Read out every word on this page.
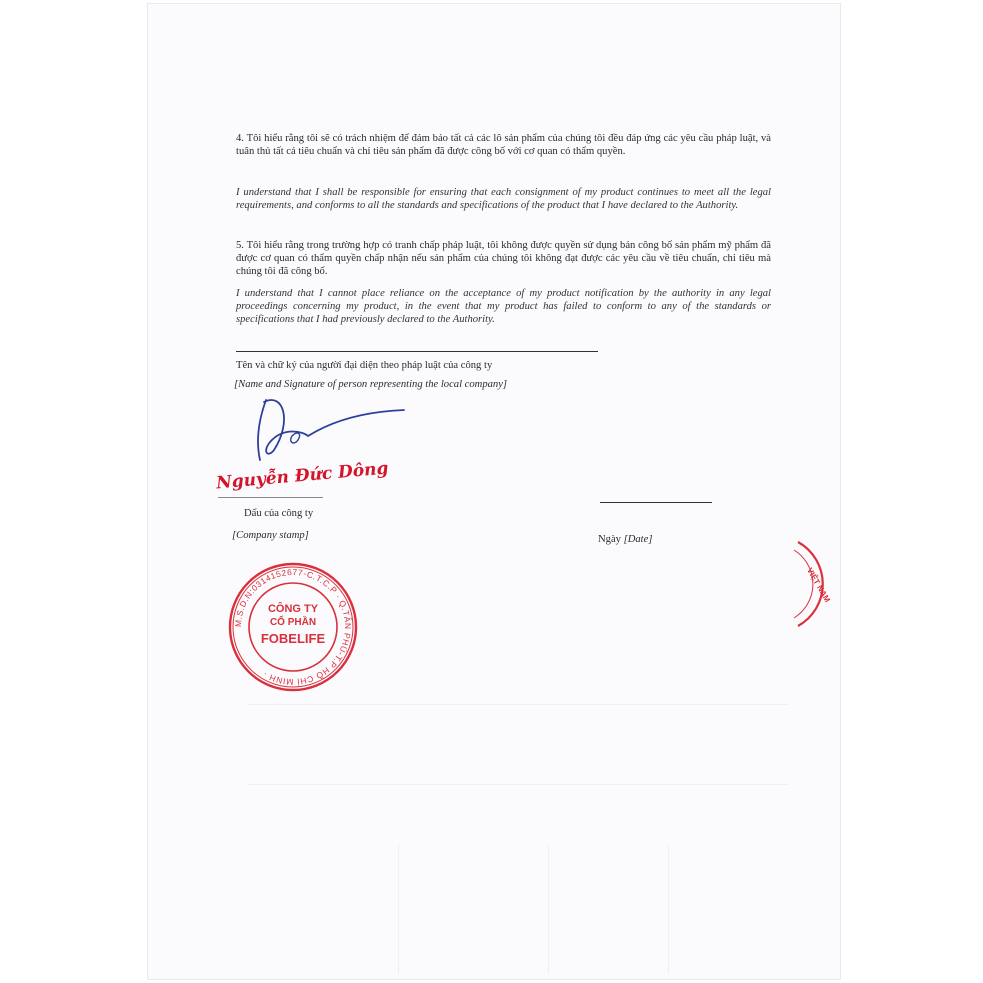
4. Tôi hiểu rằng tôi sẽ có trách nhiệm để đảm bảo tất cả các lô sản phẩm của chúng tôi đều đáp ứng các yêu cầu pháp luật, và tuân thủ tất cả tiêu chuẩn và chỉ tiêu sản phẩm đã được công bố với cơ quan có thẩm quyền.
I understand that I shall be responsible for ensuring that each consignment of my product continues to meet all the legal requirements, and conforms to all the standards and specifications of the product that I have declared to the Authority.
5. Tôi hiểu rằng trong trường hợp có tranh chấp pháp luật, tôi không được quyền sử dụng bản công bố sản phẩm mỹ phẩm đã được cơ quan có thẩm quyền chấp nhận nếu sản phẩm của chúng tôi không đạt được các yêu cầu về tiêu chuẩn, chỉ tiêu mà chúng tôi đã công bố.
I understand that I cannot place reliance on the acceptance of my product notification by the authority in any legal proceedings concerning my product, in the event that my product has failed to conform to any of the standards or specifications that I had previously declared to the Authority.
Tên và chữ ký của người đại diện theo pháp luật của công ty
[Name and Signature of person representing the local company]
Nguyễn Đức Dông
Dấu của công ty
[Company stamp]	Ngày [Date]
M.S.D.N:0314152677-C.T.C.P · Q.TÂN PHÚ-T.P HỒ CHÍ MINH ·
CÔNG TY
CỔ PHẦN
FOBELIFE
VIỆT NAM
